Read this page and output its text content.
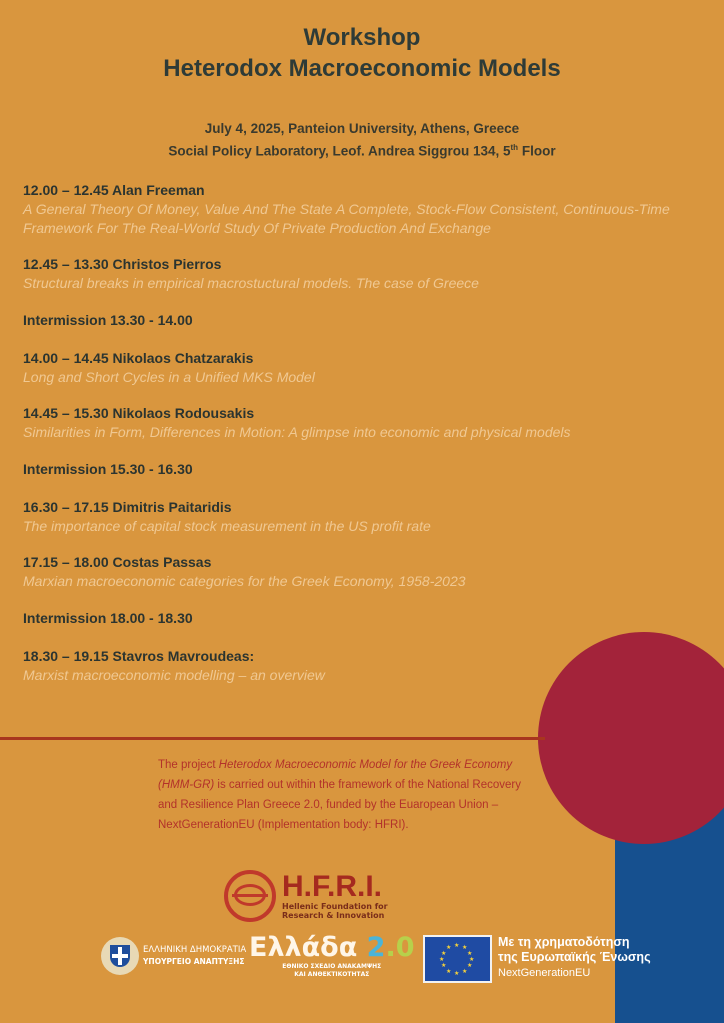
Workshop
Heterodox Macroeconomic Models
July 4, 2025, Panteion University, Athens, Greece
Social Policy Laboratory, Leof. Andrea Siggrou 134, 5th Floor
12.00 – 12.45 Alan Freeman
A General Theory Of Money, Value And The State A Complete, Stock-Flow Consistent, Continuous-Time Framework For The Real-World Study Of Private Production And Exchange
12.45 – 13.30 Christos Pierros
Structural breaks in empirical macrostuctural models. The case of Greece
Intermission 13.30 - 14.00
14.00 – 14.45 Nikolaos Chatzarakis
Long and Short Cycles in a Unified MKS Model
14.45 – 15.30 Nikolaos Rodousakis
Similarities in Form, Differences in Motion: A glimpse into economic and physical models
Intermission 15.30 - 16.30
16.30 – 17.15 Dimitris Paitaridis
The importance of capital stock measurement in the US profit rate
17.15 – 18.00 Costas Passas
Marxian macroeconomic categories for the Greek Economy, 1958-2023
Intermission 18.00 - 18.30
18.30 – 19.15 Stavros Mavroudeas:
Marxist macroeconomic modelling – an overview
The project Heterodox Macroeconomic Model for the Greek Economy (HMM-GR) is carried out within the framework of the National Recovery and Resilience Plan Greece 2.0, funded by the Euaropean Union – NextGenerationEU (Implementation body: HFRI).
H.F.R.I.
Hellenic Foundation for
Research & Innovation
ΕΛΛΗΝΙΚΗ ΔΗΜΟΚΡΑΤΙΑ
ΥΠΟΥΡΓΕΙΟ ΑΝΑΠΤΥΞΗΣ Ελλάδα 2.0
ΕΘΝΙΚΟ ΣΧΕΔΙΟ ΑΝΑΚΑΜΨΗΣ
ΚΑΙ ΑΝΘΕΚΤΙΚΟΤΗΤΑΣ
★ ★
★
★
★
★
★
★
★
★
★
★	Με τη χρηματοδότηση
της Ευρωπαϊκής Ένωσης
NextGenerationEU
